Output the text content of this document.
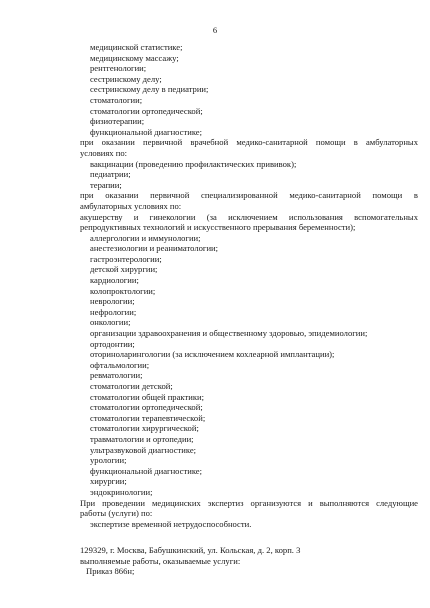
6
медицинской статистике;
медицинскому массажу;
рентгенологии;
сестринскому делу;
сестринскому делу в педиатрии;
стоматологии;
стоматологии ортопедической;
физиотерапии;
функциональной диагностике;
при оказании первичной врачебной медико-санитарной помощи в амбулаторных
условиях по:
вакцинации (проведению профилактических прививок);
педиатрии;
терапии;
при оказании первичной специализированной медико-санитарной помощи в
амбулаторных условиях по:
акушерству и гинекологии (за исключением использования вспомогательных
репродуктивных технологий и искусственного прерывания беременности);
аллергологии и иммунологии;
анестезиологии и реаниматологии;
гастроэнтерологии;
детской хирургии;
кардиологии;
колопроктологии;
неврологии;
нефрологии;
онкологии;
организации здравоохранения и общественному здоровью, эпидемиологии;
ортодонтии;
оториноларингологии (за исключением кохлеарной имплантации);
офтальмологии;
ревматологии;
стоматологии детской;
стоматологии общей практики;
стоматологии ортопедической;
стоматологии терапевтической;
стоматологии хирургической;
травматологии и ортопедии;
ультразвуковой диагностике;
урологии;
функциональной диагностике;
хирургии;
эндокринологии;
При проведении медицинских экспертиз организуются и выполняются следующие
работы (услуги) по:
экспертизе временной нетрудоспособности.
129329, г. Москва, Бабушкинский, ул. Кольская, д. 2, корп. 3
выполняемые работы, оказываемые услуги:
Приказ 866н;
